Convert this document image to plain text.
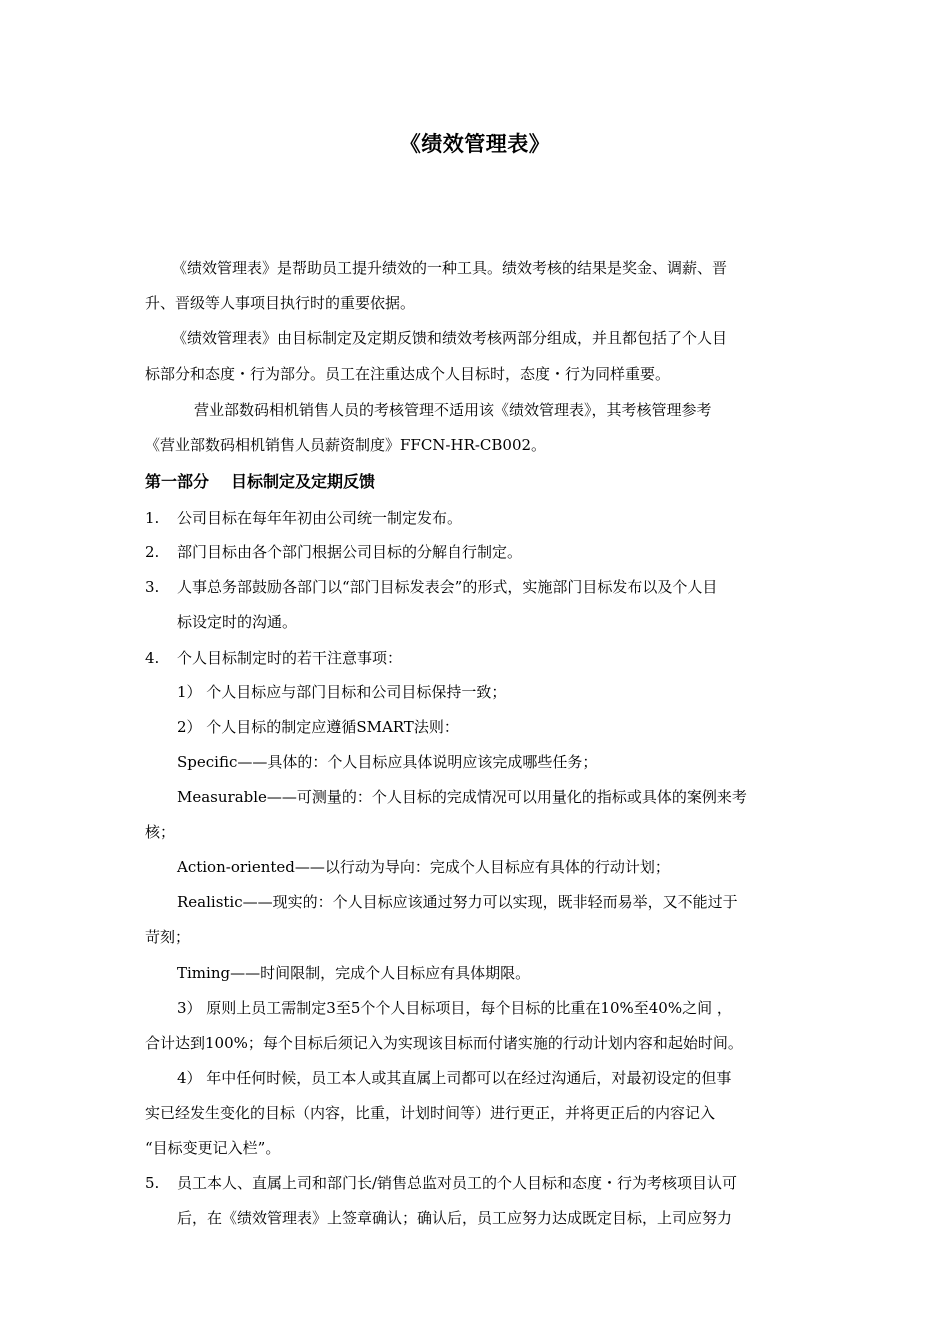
《绩效管理表》
《绩效管理表》是帮助员工提升绩效的一种工具。绩效考核的结果是奖金、调薪、晋
升、晋级等人事项目执行时的重要依据。
《绩效管理表》由目标制定及定期反馈和绩效考核两部分组成，并且都包括了个人目
标部分和态度・行为部分。员工在注重达成个人目标时，态度・行为同样重要。
营业部数码相机销售人员的考核管理不适用该《绩效管理表》，其考核管理参考
《营业部数码相机销售人员薪资制度》FFCN-HR-CB002。
第一部分 目标制定及定期反馈
1. 公司目标在每年年初由公司统一制定发布。
2. 部门目标由各个部门根据公司目标的分解自行制定。
3. 人事总务部鼓励各部门以“部门目标发表会”的形式，实施部门目标发布以及个人目
标设定时的沟通。
4. 个人目标制定时的若干注意事项：
1） 个人目标应与部门目标和公司目标保持一致；
2） 个人目标的制定应遵循SMART法则：
Specific——具体的：个人目标应具体说明应该完成哪些任务；
Measurable——可测量的：个人目标的完成情况可以用量化的指标或具体的案例来考
核；
Action-oriented——以行动为导向：完成个人目标应有具体的行动计划；
Realistic——现实的：个人目标应该通过努力可以实现，既非轻而易举，又不能过于
苛刻；
Timing——时间限制，完成个人目标应有具体期限。
3） 原则上员工需制定3至5个个人目标项目，每个目标的比重在10%至40%之间 ，
合计达到100%；每个目标后须记入为实现该目标而付诸实施的行动计划内容和起始时间。
4） 年中任何时候，员工本人或其直属上司都可以在经过沟通后，对最初设定的但事
实已经发生变化的目标（内容，比重，计划时间等）进行更正，并将更正后的内容记入
“目标变更记入栏”。
5. 员工本人、直属上司和部门长/销售总监对员工的个人目标和态度・行为考核项目认可
后，在《绩效管理表》上签章确认；确认后，员工应努力达成既定目标，上司应努力
